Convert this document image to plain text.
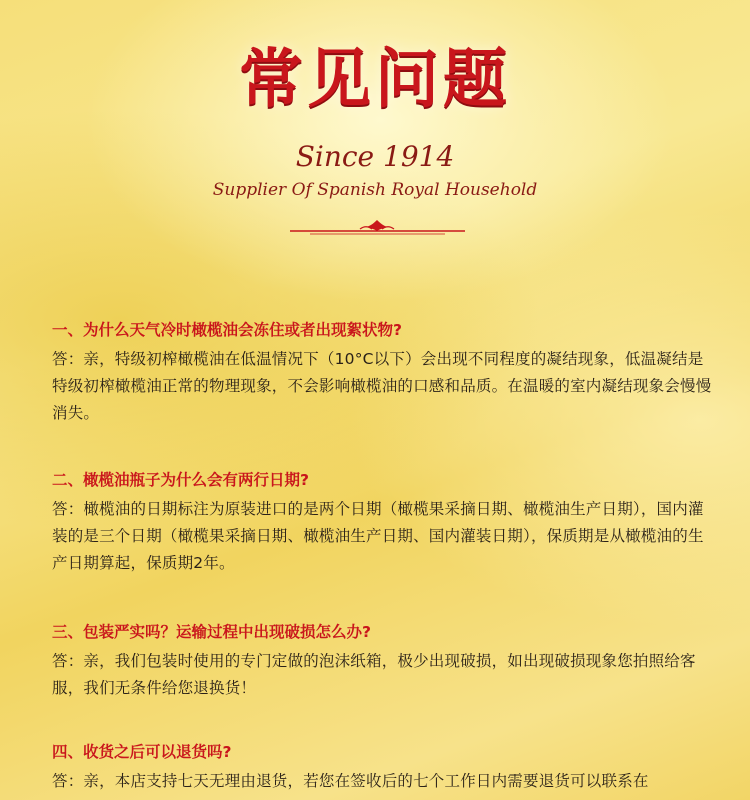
常见问题
Since 1914
Supplier Of Spanish Royal Household
一、为什么天气冷时橄榄油会冻住或者出现絮状物?
答：亲，特级初榨橄榄油在低温情况下（10°C以下）会出现不同程度的凝结现象，低温凝结是特级初榨橄榄油正常的物理现象，不会影响橄榄油的口感和品质。在温暖的室内凝结现象会慢慢消失。
二、橄榄油瓶子为什么会有两行日期?
答：橄榄油的日期标注为原装进口的是两个日期（橄榄果采摘日期、橄榄油生产日期），国内灌装的是三个日期（橄榄果采摘日期、橄榄油生产日期、国内灌装日期），保质期是从橄榄油的生产日期算起，保质期2年。
三、包装严实吗？运输过程中出现破损怎么办?
答：亲，我们包装时使用的专门定做的泡沫纸箱，极少出现破损，如出现破损现象您拍照给客服，我们无条件给您退换货！
四、收货之后可以退货吗?
答：亲，本店支持七天无理由退货，若您在签收后的七个工作日内需要退货可以联系在
